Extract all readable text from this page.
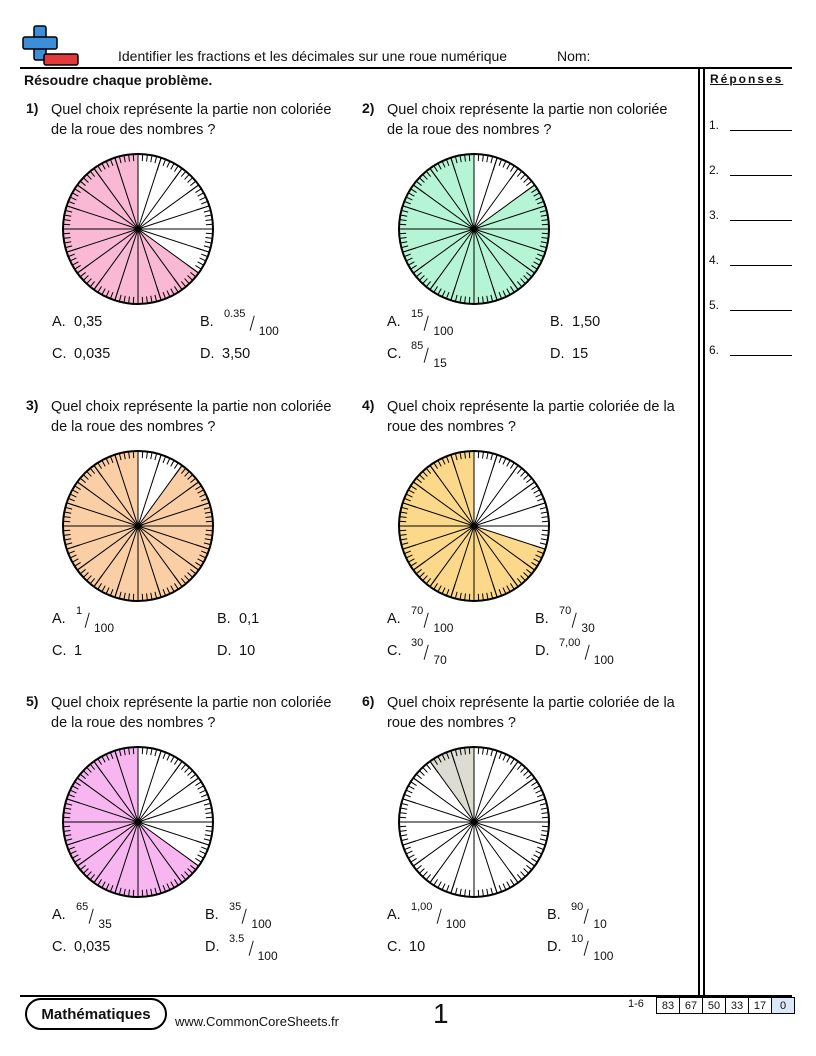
Identifier les fractions et les décimales sur une roue numérique	Nom:
Résoudre chaque problème.	Réponses
1.
2.
3.
4.
5.
6.
1) Quel choix représente la partie non coloriée de la roue des nombres ?
A. 0,35	B. 0.35 / 100
C. 0,035	D. 3,50
2) Quel choix représente la partie non coloriée de la roue des nombres ?
A. 15 / 100
B. 1,50
C. 85 / 15
D. 15
3) Quel choix représente la partie non coloriée de la roue des nombres ?
A. 1 / 100
B. 0,1
C. 1	D. 10
4) Quel choix représente la partie coloriée de la roue des nombres ?
A. 70 / 100
B. 70 / 30
C. 30 / 70
D. 7,00 / 100
5) Quel choix représente la partie non coloriée de la roue des nombres ?
A. 65 / 35
B. 35 / 100
C. 0,035	D. 3.5 / 100
6) Quel choix représente la partie coloriée de la roue des nombres ?
A. 1,00 / 100
B. 90 / 10
C. 10	D. 10 / 100
Mathématiques	www.CommonCoreSheets.fr	1	1-6	83 67 50 33 17	0
